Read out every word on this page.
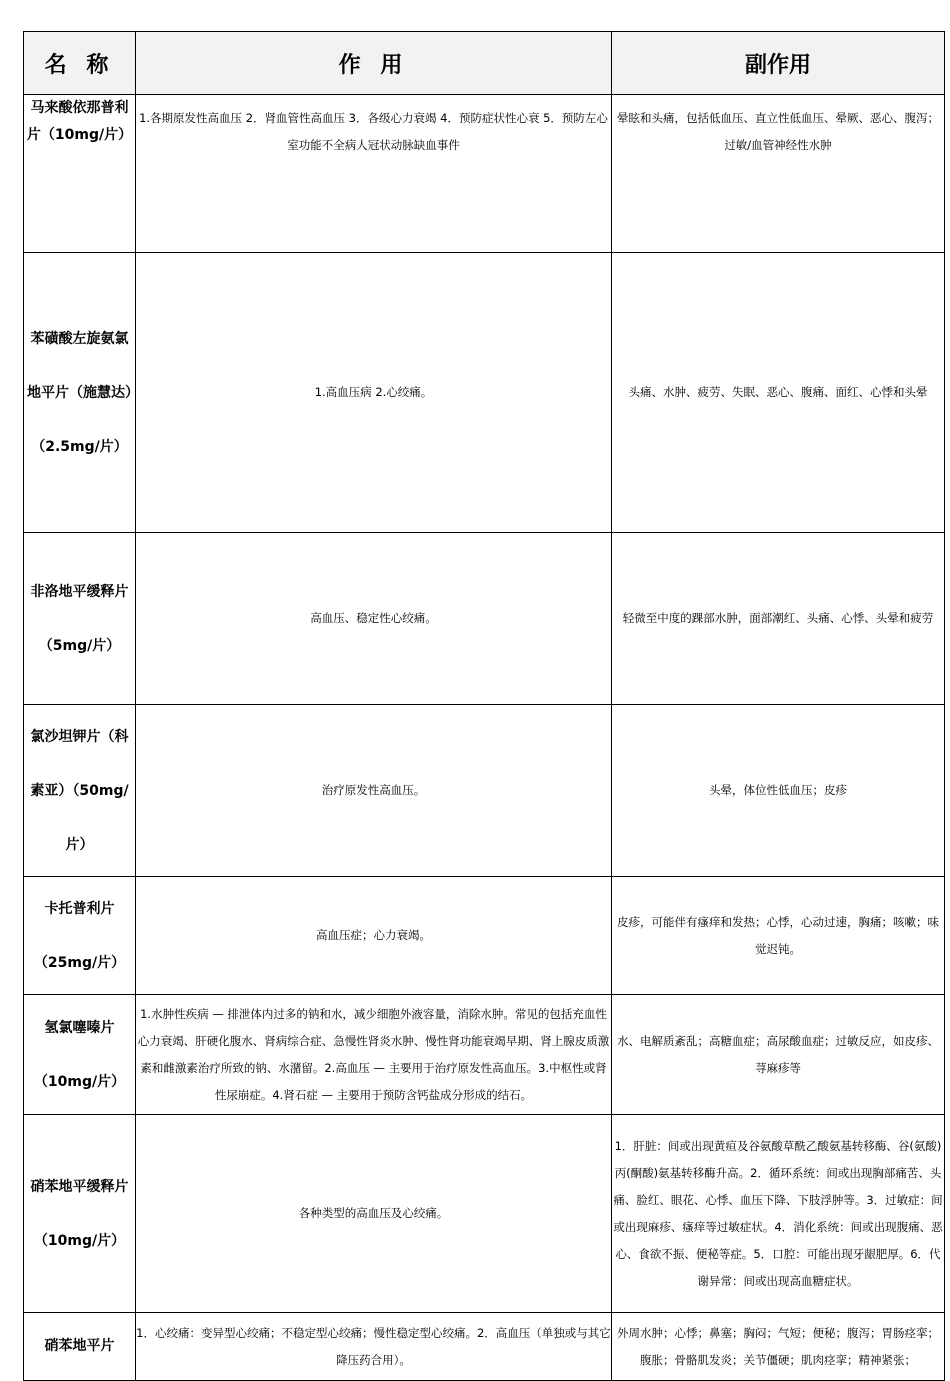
名 称	作 用	副作用

马来酸依那普利片（10mg/片）	1.各期原发性高血压 2．肾血管性高血压 3．各级心力衰竭 4．预防症状性心衰 5．预防左心室功能不全病人冠状动脉缺血事件	晕眩和头痛，包括低血压、直立性低血压、晕厥、恶心、腹泻；过敏/血管神经性水肿

苯磺酸左旋氨氯地平片（施慧达）（2.5mg/片）	1.高血压病 2.心绞痛。	头痛、水肿、疲劳、失眠、恶心、腹痛、面红、心悸和头晕

非洛地平缓释片（5mg/片）	高血压、稳定性心绞痛。	轻微至中度的踝部水肿，面部潮红、头痛、心悸、头晕和疲劳

氯沙坦钾片（科素亚）（50mg/片）	治疗原发性高血压。	头晕，体位性低血压；皮疹

卡托普利片（25mg/片）	高血压症；心力衰竭。	皮疹，可能伴有瘙痒和发热；心悸，心动过速，胸痛；咳嗽；味觉迟钝。

氢氯噻嗪片（10mg/片）	1.水肿性疾病 — 排泄体内过多的钠和水，减少细胞外液容量，消除水肿。常见的包括充血性心力衰竭、肝硬化腹水、肾病综合症、急慢性肾炎水肿、慢性肾功能衰竭早期、肾上腺皮质激素和雌激素治疗所致的钠、水潴留。2.高血压 — 主要用于治疗原发性高血压。3.中枢性或肾性尿崩症。4.肾石症 — 主要用于预防含钙盐成分形成的结石。	水、电解质紊乱；高糖血症；高尿酸血症；过敏反应，如皮疹、荨麻疹等

硝苯地平缓释片（10mg/片）	各种类型的高血压及心绞痛。	1．肝脏：间或出现黄疸及谷氨酸草酰乙酸氨基转移酶、谷(氨酸)丙(酮酸)氨基转移酶升高。2．循环系统：间或出现胸部痛苦、头痛、脸红、眼花、心悸、血压下降、下肢浮肿等。3．过敏症：间或出现麻疹、瘙痒等过敏症状。4．消化系统：间或出现腹痛、恶心、食欲不振、便秘等症。5．口腔：可能出现牙龈肥厚。6．代谢异常：间或出现高血糖症状。

硝苯地平片	1．心绞痛：变异型心绞痛；不稳定型心绞痛；慢性稳定型心绞痛。2．高血压（单独或与其它降压药合用）。	外周水肿；心悸；鼻塞；胸闷；气短；便秘；腹泻；胃肠痉挛；腹胀；骨骼肌发炎；关节僵硬；肌肉痉挛；精神紧张；
